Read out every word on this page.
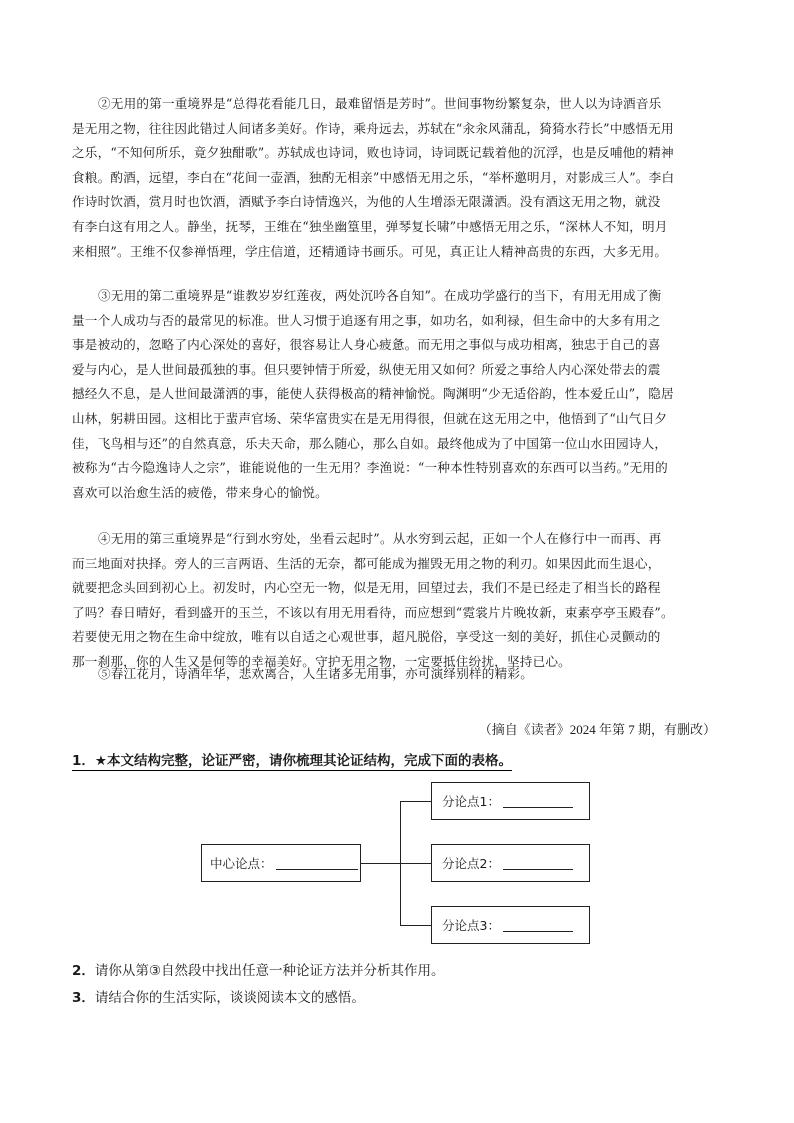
②无用的第一重境界是“总得花看能几日，最难留悟是芳时”。世间事物纷繁复杂，世人以为诗酒音乐
是无用之物，往往因此错过人间诸多美好。作诗，乘舟远去，苏轼在“汆汆风蒲乱，猗猗水荇长”中感悟无用
之乐，“不知何所乐，竟夕独酣歌”。苏轼成也诗词，败也诗词，诗词既记载着他的沉浮，也是反哺他的精神
食粮。酌酒，远望，李白在“花间一壶酒，独酌无相亲”中感悟无用之乐，“举杯邀明月，对影成三人”。李白
作诗时饮酒，赏月时也饮酒，酒赋予李白诗情逸兴，为他的人生增添无限潇洒。没有酒这无用之物，就没
有李白这有用之人。静坐，抚琴，王维在“独坐幽篁里，弹琴复长啸”中感悟无用之乐，“深林人不知，明月
来相照”。王维不仅参禅悟理，学庄信道，还精通诗书画乐。可见，真正让人精神高贵的东西，大多无用。
③无用的第二重境界是“谁教岁岁红莲夜，两处沉吟各自知”。在成功学盛行的当下，有用无用成了衡
量一个人成功与否的最常见的标准。世人习惯于追逐有用之事，如功名，如利禄，但生命中的大多有用之
事是被动的，忽略了内心深处的喜好，很容易让人身心疲惫。而无用之事似与成功相离，独忠于自己的喜
爱与内心，是人世间最孤独的事。但只要钟情于所爱，纵使无用又如何？所爱之事给人内心深处带去的震
撼经久不息，是人世间最潇洒的事，能使人获得极高的精神愉悦。陶渊明“少无适俗韵，性本爱丘山”，隐居
山林，躬耕田园。这相比于蜚声官场、荣华富贵实在是无用得很，但就在这无用之中，他悟到了“山气日夕
佳，飞鸟相与还”的自然真意，乐夫天命，那么随心，那么自如。最终他成为了中国第一位山水田园诗人，
被称为“古今隐逸诗人之宗”，谁能说他的一生无用？李渔说：“一种本性特别喜欢的东西可以当药。”无用的
喜欢可以治愈生活的疲倦，带来身心的愉悦。
④无用的第三重境界是“行到水穷处，坐看云起时”。从水穷到云起，正如一个人在修行中一而再、再
而三地面对抉择。旁人的三言两语、生活的无奈，都可能成为摧毁无用之物的利刃。如果因此而生退心，
就要把念头回到初心上。初发时，内心空无一物，似是无用，回望过去，我们不是已经走了相当长的路程
了吗？春日晴好，看到盛开的玉兰，不该以有用无用看待，而应想到“霓裳片片晚妆新，束素亭亭玉殿春”。
若要使无用之物在生命中绽放，唯有以自适之心观世事，超凡脱俗，享受这一刻的美好，抓住心灵颤动的
那一刹那，你的人生又是何等的幸福美好。守护无用之物，一定要抵住纷扰，坚持已心。
⑤春江花月，诗酒年华，悲欢离合，人生诸多无用事，亦可演绎别样的精彩。
（摘自《读者》2024 年第 7 期，有删改）
1．★本文结构完整，论证严密，请你梳理其论证结构，完成下面的表格。
中心论点：
分论点1：
分论点2：
分论点3：
2．请你从第③自然段中找出任意一种论证方法并分析其作用。
3．请结合你的生活实际，谈谈阅读本文的感悟。
